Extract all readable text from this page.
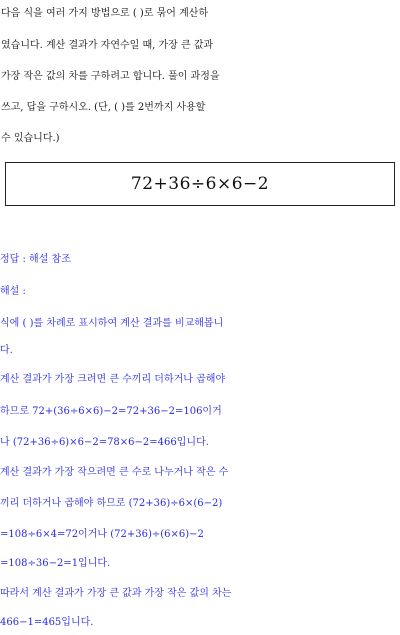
다음 식을 여러 가지 방법으로 ( )로 묶어 계산하
였습니다. 계산 결과가 자연수일 때, 가장 큰 값과
가장 작은 값의 차를 구하려고 합니다. 풀이 과정을
쓰고, 답을 구하시오. (단, ( )를 2번까지 사용할
수 있습니다.)
72+36÷6×6−2
정답 : 해설 참조
해설 :
식에 ( )를 차례로 표시하여 계산 결과를 비교해봅니
다.
계산 결과가 가장 크려면 큰 수끼리 더하거나 곱해야
하므로 72+(36÷6×6)−2=72+36−2=106이거
나 (72+36÷6)×6−2=78×6−2=466입니다.
계산 결과가 가장 작으려면 큰 수로 나누거나 작은 수
끼리 더하거나 곱해야 하므로 (72+36)÷6×(6−2)
=108÷6×4=72이거나 (72+36)÷(6×6)−2
=108÷36−2=1입니다.
따라서 계산 결과가 가장 큰 값과 가장 작은 값의 차는
466−1=465입니다.
